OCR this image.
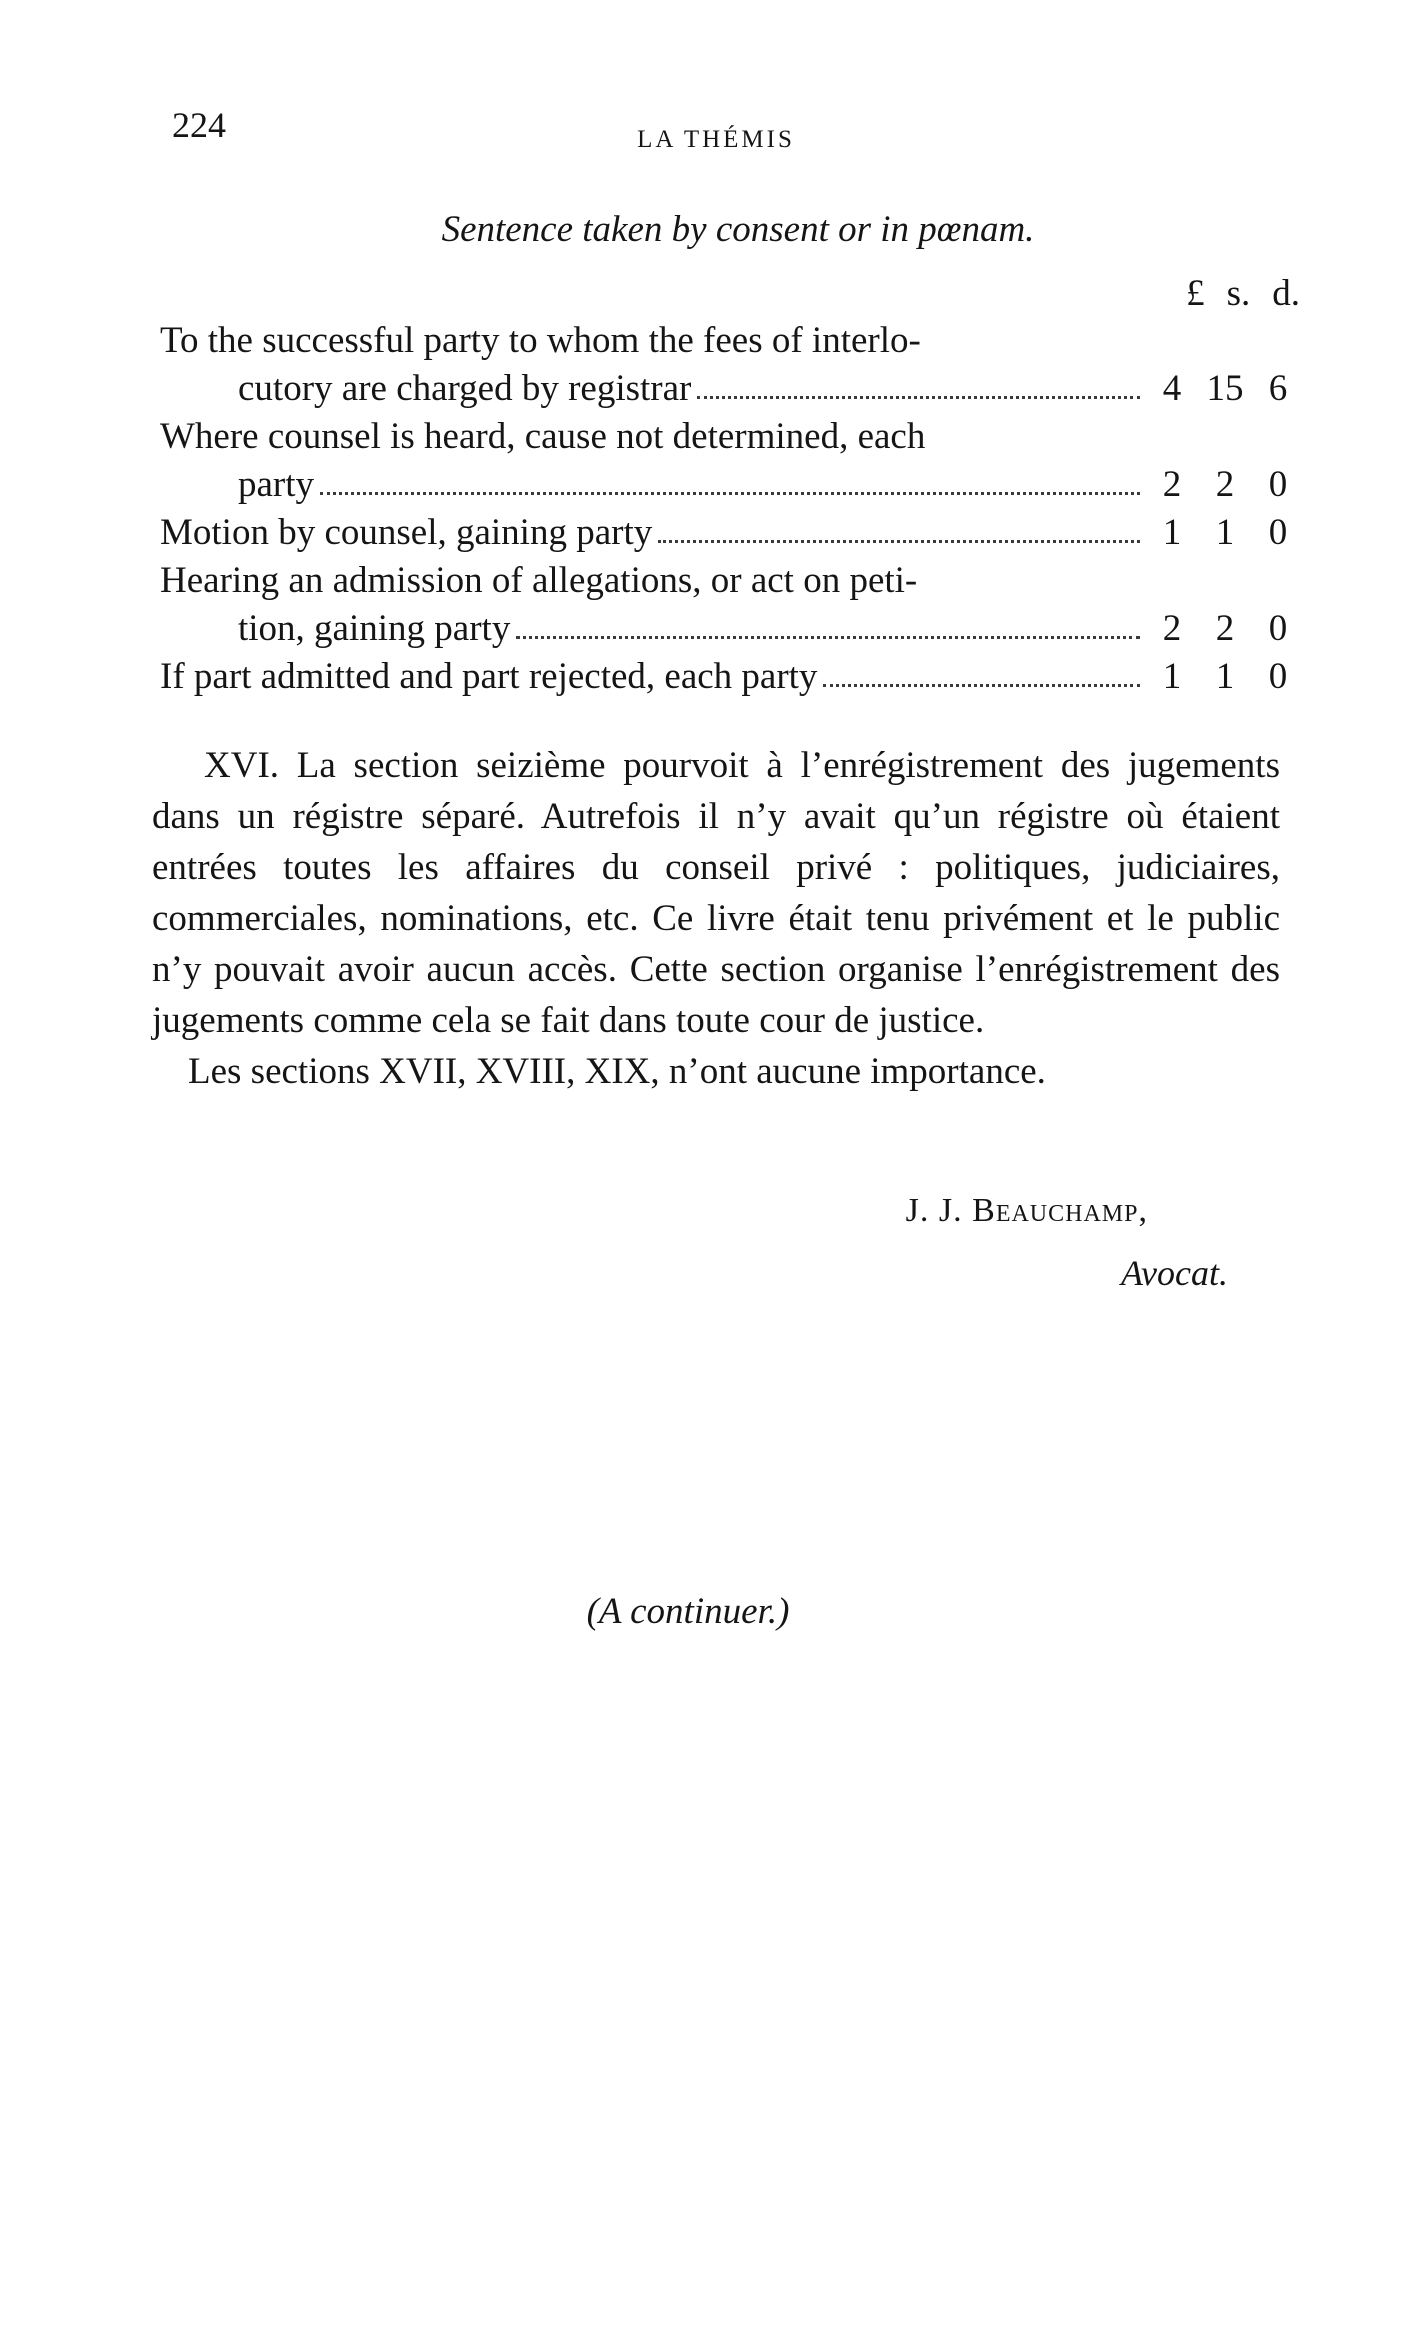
224	LA THÉMIS
Sentence taken by consent or in pœnam.
£ s. d.
To the successful party to whom the fees of interlo-
cutory are charged by registrar	4 15 6
Where counsel is heard, cause not determined, each
party	2 2 0
Motion by counsel, gaining party	1 1 0
Hearing an admission of allegations, or act on peti-
tion, gaining party	2 2 0
If part admitted and part rejected, each party	1 1 0

XVI. La section seizième pourvoit à l’enrégistrement des jugements dans un régistre séparé. Autrefois il n’y avait qu’un régistre où étaient entrées toutes les affaires du conseil privé : politiques, judiciaires, commerciales, nominations, etc. Ce livre était tenu privément et le public n’y pouvait avoir aucun accès. Cette section organise l’enrégistrement des jugements comme cela se fait dans toute cour de justice.

Les sections XVII, XVIII, XIX, n’ont aucune importance.

J. J. Beauchamp,
Avocat.
(A continuer.)
